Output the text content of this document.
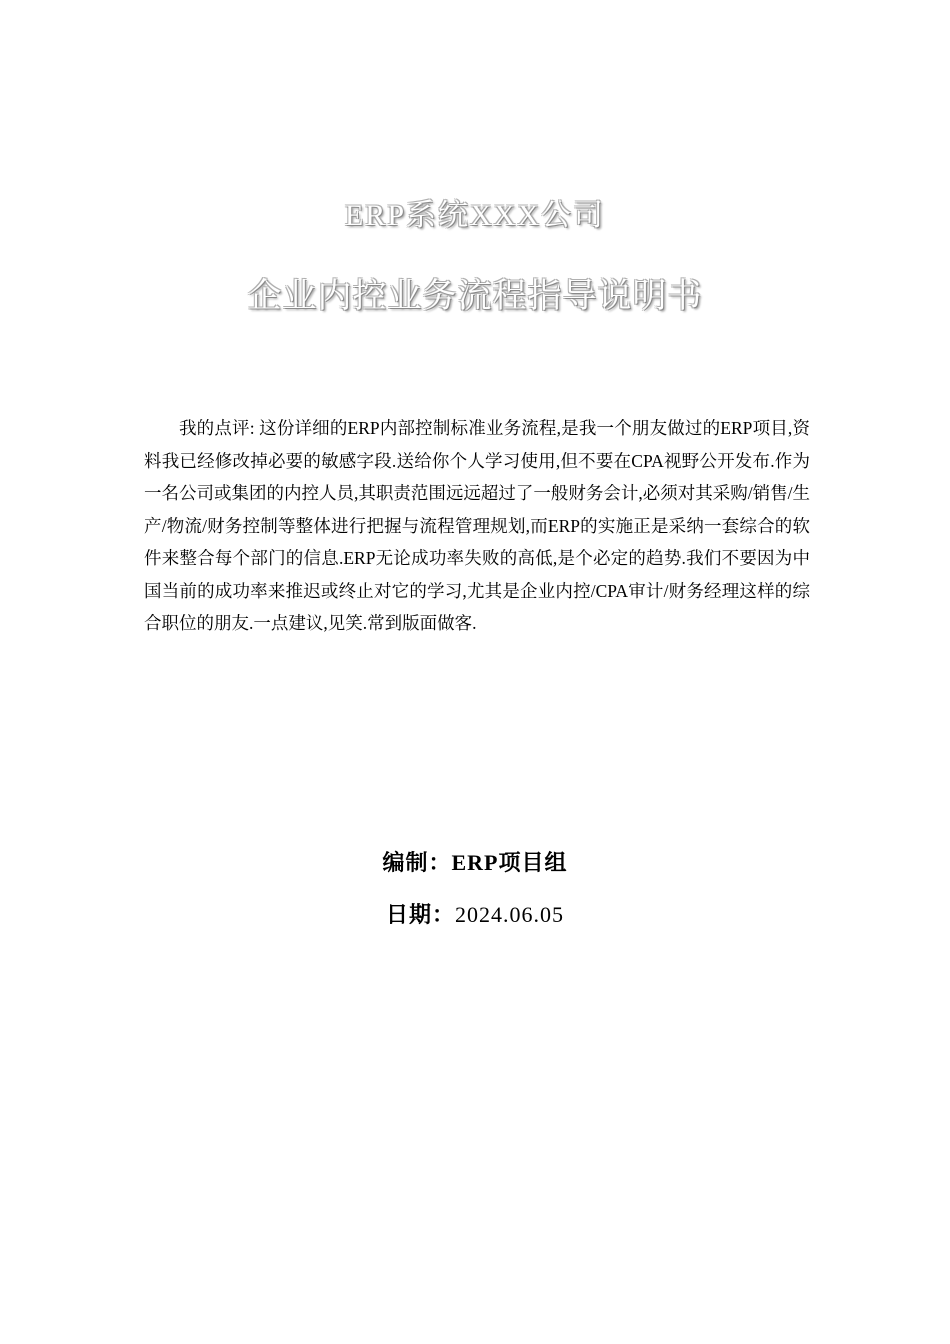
ERP系统XXX公司
企业内控业务流程指导说明书

我的点评: 这份详细的ERP内部控制标准业务流程,是我一个朋友做过的ERP项目,资料我已经修改掉必要的敏感字段.送给你个人学习使用,但不要在CPA视野公开发布.作为一名公司或集团的内控人员,其职责范围远远超过了一般财务会计,必须对其采购/销售/生产/物流/财务控制等整体进行把握与流程管理规划,而ERP的实施正是采纳一套综合的软件来整合每个部门的信息.ERP无论成功率失败的高低,是个必定的趋势.我们不要因为中国当前的成功率来推迟或终止对它的学习,尤其是企业内控/CPA审计/财务经理这样的综合职位的朋友.一点建议,见笑.常到版面做客.

编制：ERP项目组
日期：2024.06.05
